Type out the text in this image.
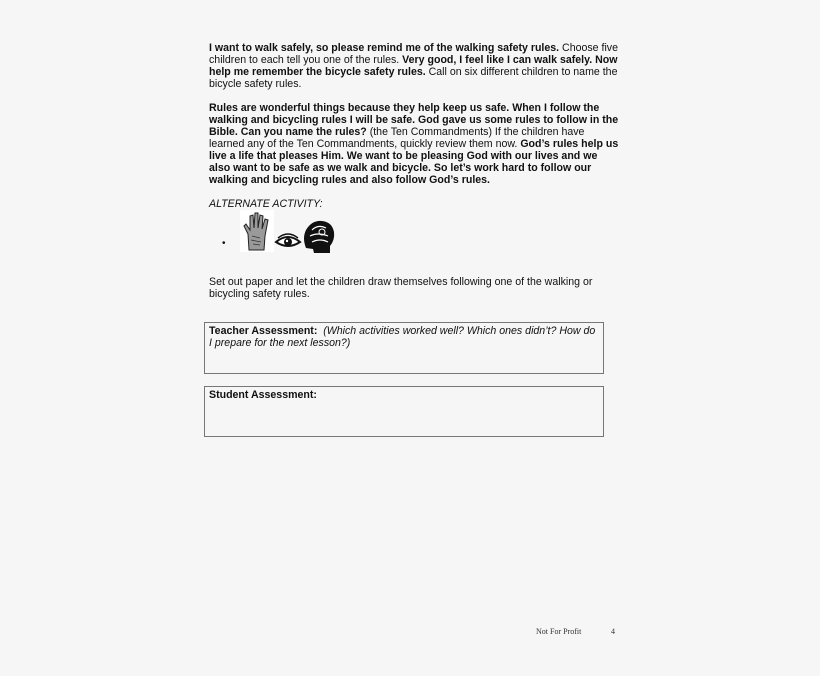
I want to walk safely, so please remind me of the walking safety rules. Choose five children to each tell you one of the rules. Very good, I feel like I can walk safely. Now help me remember the bicycle safety rules. Call on six different children to name the bicycle safety rules.

Rules are wonderful things because they help keep us safe. When I follow the walking and bicycling rules I will be safe. God gave us some rules to follow in the Bible. Can you name the rules? (the Ten Commandments) If the children have learned any of the Ten Commandments, quickly review them now. God’s rules help us live a life that pleases Him. We want to be pleasing God with our lives and we also want to be safe as we walk and bicycle. So let’s work hard to follow our walking and bicycling rules and also follow God’s rules.

ALTERNATE ACTIVITY:
•

Set out paper and let the children draw themselves following one of the walking or bicycling safety rules.

Teacher Assessment: (Which activities worked well? Which ones didn’t? How do I prepare for the next lesson?)
Student Assessment:
Not For Profit	4
